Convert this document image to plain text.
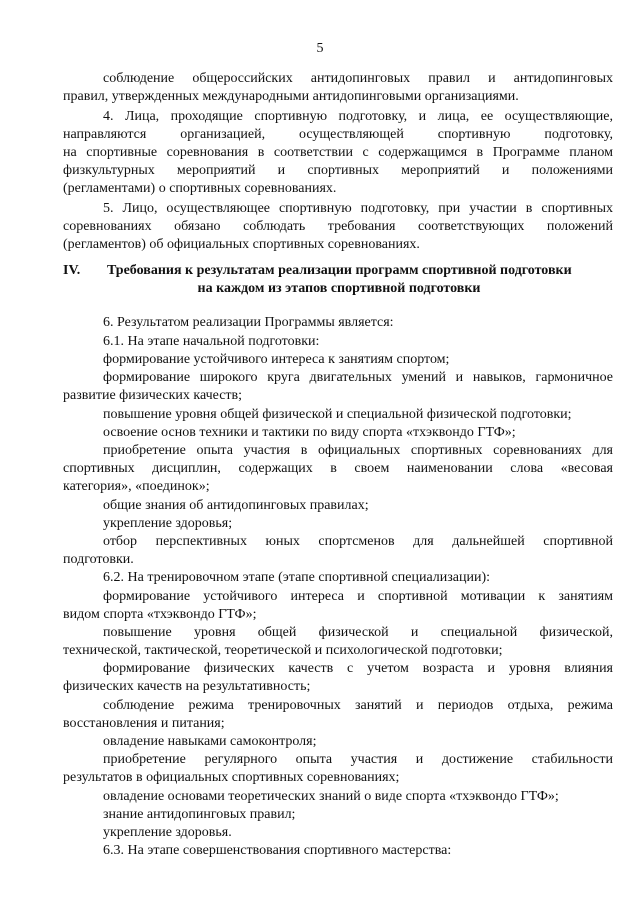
5

соблюдение общероссийских антидопинговых правил и антидопинговых

правил, утвержденных международными антидопинговыми организациями.

4. Лица, проходящие спортивную подготовку, и лица, ее осуществляющие,

направляются организацией, осуществляющей спортивную подготовку,

на спортивные соревнования в соответствии с содержащимся в Программе планом

физкультурных мероприятий и спортивных мероприятий и положениями

(регламентами) о спортивных соревнованиях.

5. Лицо, осуществляющее спортивную подготовку, при участии в спортивных

соревнованиях обязано соблюдать требования соответствующих положений

(регламентов) об официальных спортивных соревнованиях.

IV. Требования к результатам реализации программ спортивной подготовки
на каждом из этапов спортивной подготовки

6. Результатом реализации Программы является:

6.1. На этапе начальной подготовки:

формирование устойчивого интереса к занятиям спортом;

формирование широкого круга двигательных умений и навыков, гармоничное

развитие физических качеств;

повышение уровня общей физической и специальной физической подготовки;

освоение основ техники и тактики по виду спорта «тхэквондо ГТФ»;

приобретение опыта участия в официальных спортивных соревнованиях для

спортивных дисциплин, содержащих в своем наименовании слова «весовая

категория», «поединок»;

общие знания об антидопинговых правилах;

укрепление здоровья;

отбор перспективных юных спортсменов для дальнейшей спортивной

подготовки.

6.2. На тренировочном этапе (этапе спортивной специализации):

формирование устойчивого интереса и спортивной мотивации к занятиям

видом спорта «тхэквондо ГТФ»;

повышение уровня общей физической и специальной физической,

технической, тактической, теоретической и психологической подготовки;

формирование физических качеств с учетом возраста и уровня влияния

физических качеств на результативность;

соблюдение режима тренировочных занятий и периодов отдыха, режима

восстановления и питания;

овладение навыками самоконтроля;

приобретение регулярного опыта участия и достижение стабильности

результатов в официальных спортивных соревнованиях;

овладение основами теоретических знаний о виде спорта «тхэквондо ГТФ»;

знание антидопинговых правил;

укрепление здоровья.

6.3. На этапе совершенствования спортивного мастерства:
